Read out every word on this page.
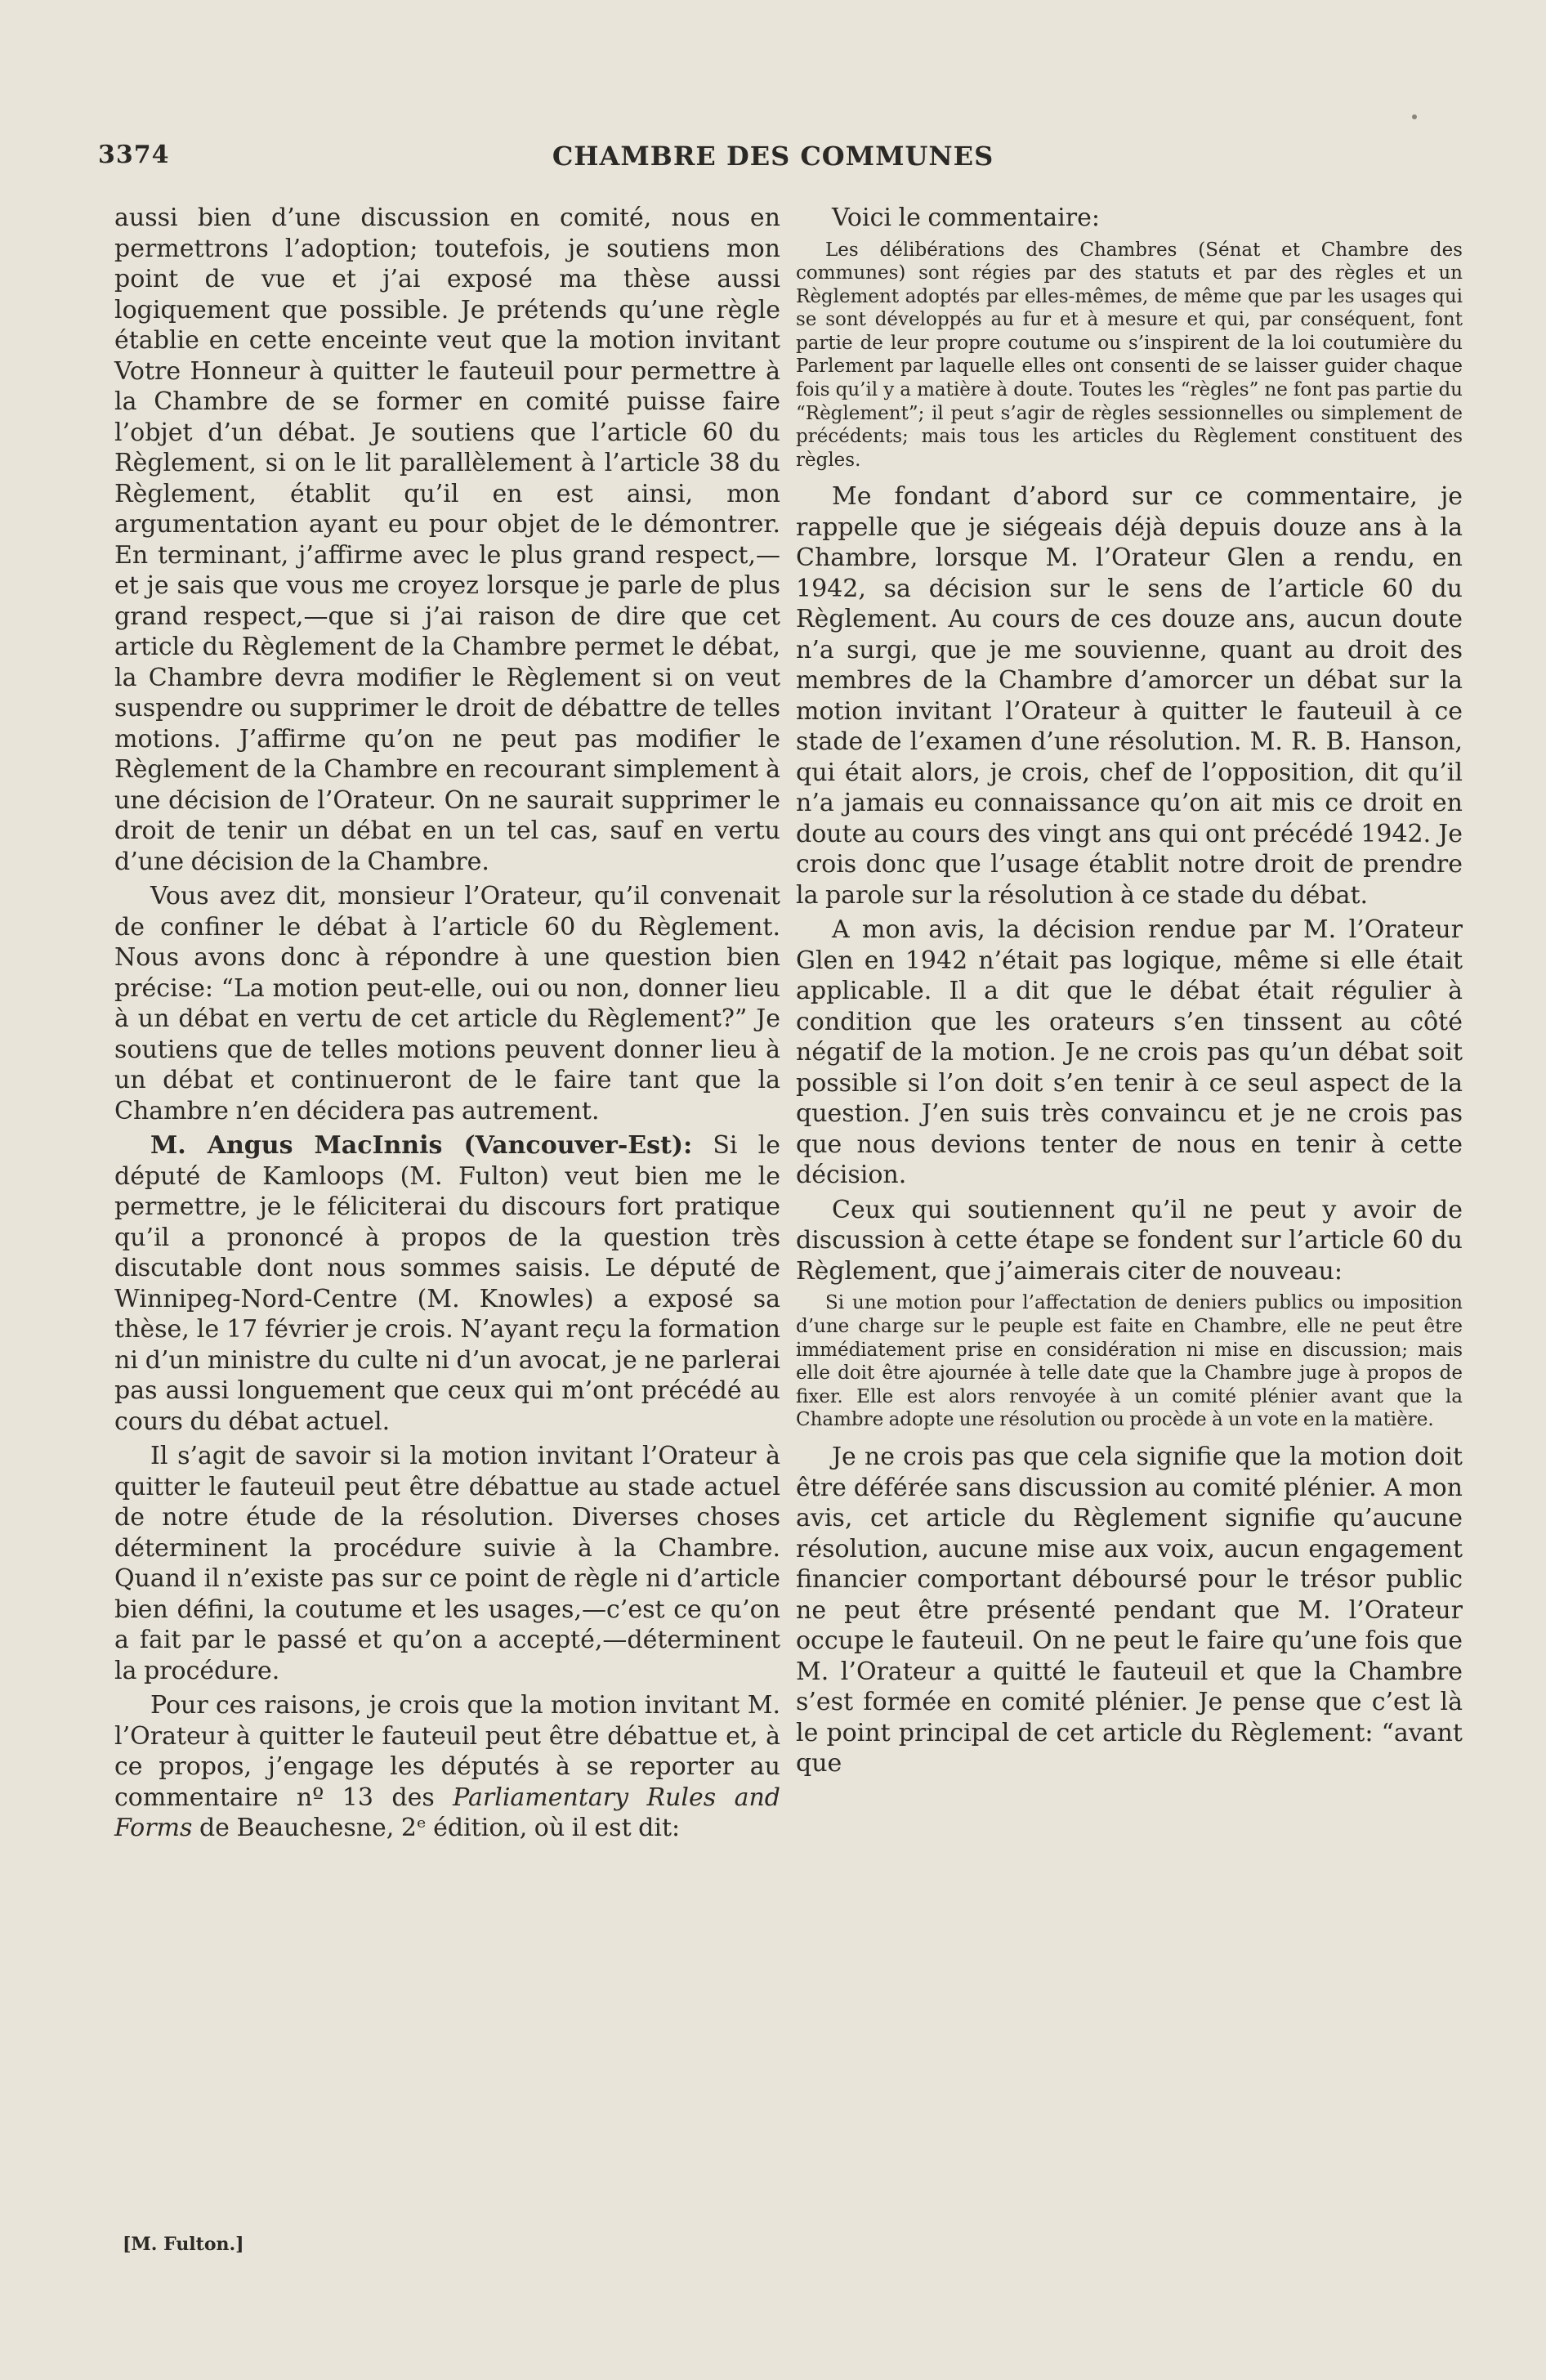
3374	CHAMBRE DES COMMUNES

aussi bien d’une discussion en comité, nous en permettrons l’adoption; toutefois, je soutiens mon point de vue et j’ai exposé ma thèse aussi logiquement que possible. Je prétends qu’une règle établie en cette enceinte veut que la motion invitant Votre Honneur à quitter le fauteuil pour permettre à la Chambre de se former en comité puisse faire l’objet d’un débat. Je soutiens que l’article 60 du Règlement, si on le lit parallèlement à l’article 38 du Règlement, établit qu’il en est ainsi, mon argumentation ayant eu pour objet de le démontrer. En terminant, j’affirme avec le plus grand respect,—et je sais que vous me croyez lorsque je parle de plus grand respect,—que si j’ai raison de dire que cet article du Règlement de la Chambre permet le débat, la Chambre devra modifier le Règlement si on veut suspendre ou supprimer le droit de débattre de telles motions. J’affirme qu’on ne peut pas modifier le Règlement de la Chambre en recourant simplement à une décision de l’Orateur. On ne saurait supprimer le droit de tenir un débat en un tel cas, sauf en vertu d’une décision de la Chambre.

Vous avez dit, monsieur l’Orateur, qu’il convenait de confiner le débat à l’article 60 du Règlement. Nous avons donc à répondre à une question bien précise: “La motion peut-elle, oui ou non, donner lieu à un débat en vertu de cet article du Règlement?” Je soutiens que de telles motions peuvent donner lieu à un débat et continueront de le faire tant que la Chambre n’en décidera pas autrement.

M. Angus MacInnis (Vancouver-Est): Si le député de Kamloops (M. Fulton) veut bien me le permettre, je le féliciterai du discours fort pratique qu’il a prononcé à propos de la question très discutable dont nous sommes saisis. Le député de Winnipeg-Nord-Centre (M. Knowles) a exposé sa thèse, le 17 février je crois. N’ayant reçu la formation ni d’un ministre du culte ni d’un avocat, je ne parlerai pas aussi longuement que ceux qui m’ont précédé au cours du débat actuel.

Il s’agit de savoir si la motion invitant l’Orateur à quitter le fauteuil peut être débattue au stade actuel de notre étude de la résolution. Diverses choses déterminent la procédure suivie à la Chambre. Quand il n’existe pas sur ce point de règle ni d’article bien défini, la coutume et les usages,—c’est ce qu’on a fait par le passé et qu’on a accepté,—déterminent la procédure.

Pour ces raisons, je crois que la motion invitant M. l’Orateur à quitter le fauteuil peut être débattue et, à ce propos, j’engage les députés à se reporter au commentaire nº 13 des Parliamentary Rules and Forms de Beauchesne, 2ᵉ édition, où il est dit:

Voici le commentaire:

Les délibérations des Chambres (Sénat et Chambre des communes) sont régies par des statuts et par des règles et un Règlement adoptés par elles-mêmes, de même que par les usages qui se sont développés au fur et à mesure et qui, par conséquent, font partie de leur propre coutume ou s’inspirent de la loi coutumière du Parlement par laquelle elles ont consenti de se laisser guider chaque fois qu’il y a matière à doute. Toutes les “règles” ne font pas partie du “Règlement”; il peut s’agir de règles sessionnelles ou simplement de précédents; mais tous les articles du Règlement constituent des règles.

Me fondant d’abord sur ce commentaire, je rappelle que je siégeais déjà depuis douze ans à la Chambre, lorsque M. l’Orateur Glen a rendu, en 1942, sa décision sur le sens de l’article 60 du Règlement. Au cours de ces douze ans, aucun doute n’a surgi, que je me souvienne, quant au droit des membres de la Chambre d’amorcer un débat sur la motion invitant l’Orateur à quitter le fauteuil à ce stade de l’examen d’une résolution. M. R. B. Hanson, qui était alors, je crois, chef de l’opposition, dit qu’il n’a jamais eu connaissance qu’on ait mis ce droit en doute au cours des vingt ans qui ont précédé 1942. Je crois donc que l’usage établit notre droit de prendre la parole sur la résolution à ce stade du débat.

A mon avis, la décision rendue par M. l’Orateur Glen en 1942 n’était pas logique, même si elle était applicable. Il a dit que le débat était régulier à condition que les orateurs s’en tinssent au côté négatif de la motion. Je ne crois pas qu’un débat soit possible si l’on doit s’en tenir à ce seul aspect de la question. J’en suis très convaincu et je ne crois pas que nous devions tenter de nous en tenir à cette décision.

Ceux qui soutiennent qu’il ne peut y avoir de discussion à cette étape se fondent sur l’article 60 du Règlement, que j’aimerais citer de nouveau:

Si une motion pour l’affectation de deniers publics ou imposition d’une charge sur le peuple est faite en Chambre, elle ne peut être immédiatement prise en considération ni mise en discussion; mais elle doit être ajournée à telle date que la Chambre juge à propos de fixer. Elle est alors renvoyée à un comité plénier avant que la Chambre adopte une résolution ou procède à un vote en la matière.

Je ne crois pas que cela signifie que la motion doit être déférée sans discussion au comité plénier. A mon avis, cet article du Règlement signifie qu’aucune résolution, aucune mise aux voix, aucun engagement financier comportant déboursé pour le trésor public ne peut être présenté pendant que M. l’Orateur occupe le fauteuil. On ne peut le faire qu’une fois que M. l’Orateur a quitté le fauteuil et que la Chambre s’est formée en comité plénier. Je pense que c’est là le point principal de cet article du Règlement: “avant que

[M. Fulton.]
